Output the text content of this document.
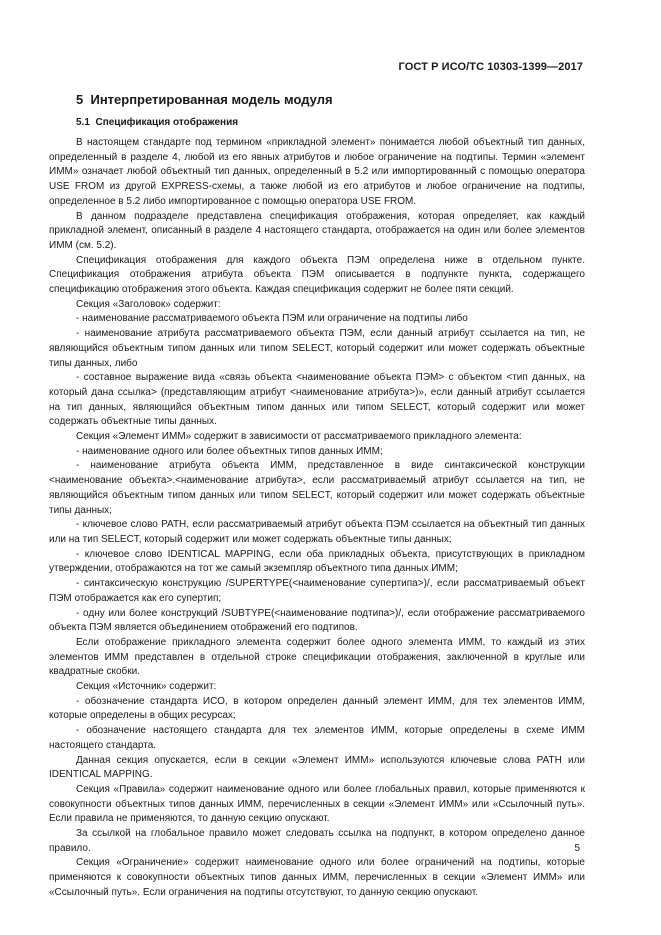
ГОСТ Р ИСО/ТС 10303-1399—2017
5 Интерпретированная модель модуля
5.1 Спецификация отображения

В настоящем стандарте под термином «прикладной элемент» понимается любой объектный тип данных, определенный в разделе 4, любой из его явных атрибутов и любое ограничение на подтипы. Термин «элемент ИММ» означает любой объектный тип данных, определенный в 5.2 или импортированный с помощью оператора USE FROM из другой EXPRESS-схемы, а также любой из его атрибутов и любое ограничение на подтипы, определенное в 5.2 либо импортированное с помощью оператора USE FROM.

В данном подразделе представлена спецификация отображения, которая определяет, как каждый прикладной элемент, описанный в разделе 4 настоящего стандарта, отображается на один или более элементов ИММ (см. 5.2).

Спецификация отображения для каждого объекта ПЭМ определена ниже в отдельном пункте. Спецификация отображения атрибута объекта ПЭМ описывается в подпункте пункта, содержащего спецификацию отображения этого объекта. Каждая спецификация содержит не более пяти секций.

Секция «Заголовок» содержит:

- наименование рассматриваемого объекта ПЭМ или ограничение на подтипы либо

- наименование атрибута рассматриваемого объекта ПЭМ, если данный атрибут ссылается на тип, не являющийся объектным типом данных или типом SELECT, который содержит или может содержать объектные типы данных, либо

- составное выражение вида «связь объекта <наименование объекта ПЭМ> с объектом <тип данных, на который дана ссылка> (представляющим атрибут <наименование атрибута>)», если данный атрибут ссылается на тип данных, являющийся объектным типом данных или типом SELECT, который содержит или может содержать объектные типы данных.

Секция «Элемент ИММ» содержит в зависимости от рассматриваемого прикладного элемента:

- наименование одного или более объектных типов данных ИММ;

- наименование атрибута объекта ИММ, представленное в виде синтаксической конструкции <наименование объекта>.<наименование атрибута>, если рассматриваемый атрибут ссылается на тип, не являющийся объектным типом данных или типом SELECT, который содержит или может содержать объектные типы данных;

- ключевое слово PATH, если рассматриваемый атрибут объекта ПЭМ ссылается на объектный тип данных или на тип SELECT, который содержит или может содержать объектные типы данных;

- ключевое слово IDENTICAL MAPPING, если оба прикладных объекта, присутствующих в прикладном утверждении, отображаются на тот же самый экземпляр объектного типа данных ИММ;

- синтаксическую конструкцию /SUPERTYPE(<наименование супертипа>)/, если рассматриваемый объект ПЭМ отображается как его супертип;

- одну или более конструкций /SUBTYPE(<наименование подтипа>)/, если отображение рассматриваемого объекта ПЭМ является объединением отображений его подтипов.

Если отображение прикладного элемента содержит более одного элемента ИММ, то каждый из этих элементов ИММ представлен в отдельной строке спецификации отображения, заключенной в круглые или квадратные скобки.

Секция «Источник» содержит:

- обозначение стандарта ИСО, в котором определен данный элемент ИММ, для тех элементов ИММ, которые определены в общих ресурсах;

- обозначение настоящего стандарта для тех элементов ИММ, которые определены в схеме ИММ настоящего стандарта.

Данная секция опускается, если в секции «Элемент ИММ» используются ключевые слова PATH или IDENTICAL MAPPING.

Секция «Правила» содержит наименование одного или более глобальных правил, которые применяются к совокупности объектных типов данных ИММ, перечисленных в секции «Элемент ИММ» или «Ссылочный путь». Если правила не применяются, то данную секцию опускают.

За ссылкой на глобальное правило может следовать ссылка на подпункт, в котором определено данное правило.

Секция «Ограничение» содержит наименование одного или более ограничений на подтипы, которые применяются к совокупности объектных типов данных ИММ, перечисленных в секции «Элемент ИММ» или «Ссылочный путь». Если ограничения на подтипы отсутствуют, то данную секцию опускают.

5
